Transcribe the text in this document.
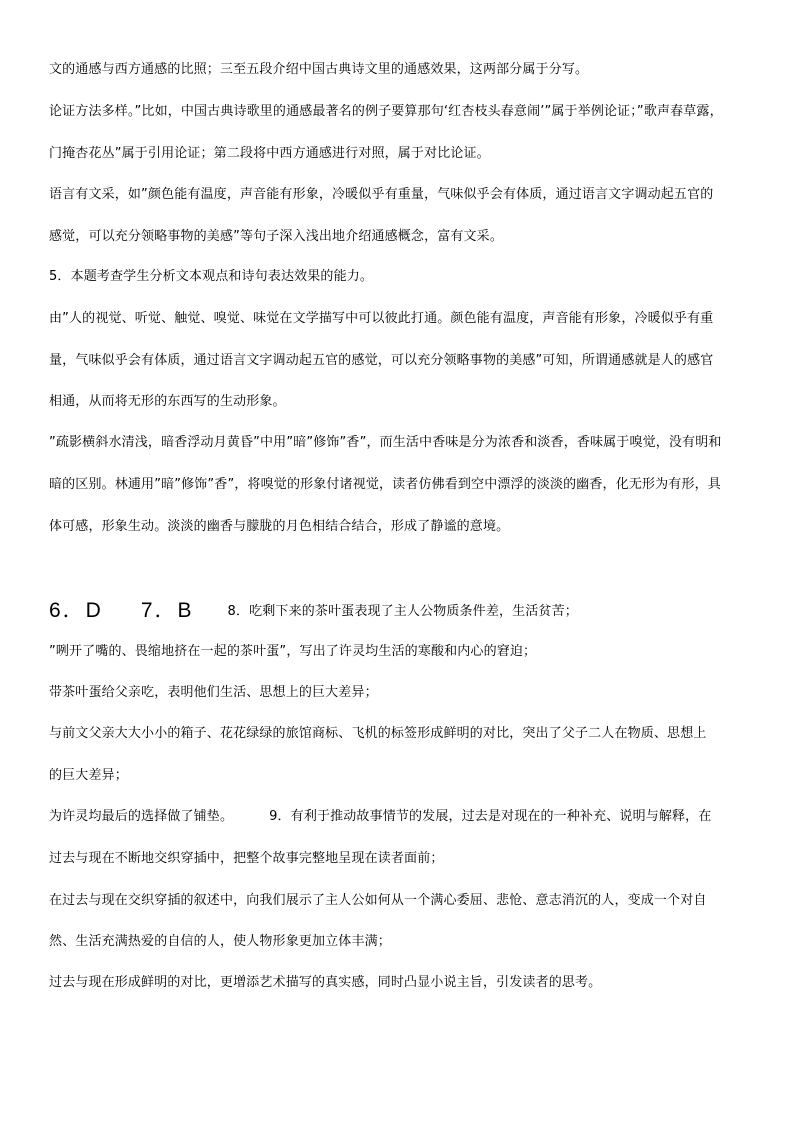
文的通感与西方通感的比照；三至五段介绍中国古典诗文里的通感效果，这两部分属于分写。
论证方法多样。”比如，中国古典诗歌里的通感最著名的例子要算那句‘红杏枝头春意闹’”属于举例论证；”歌声春草露，
门掩杏花丛”属于引用论证；第二段将中西方通感进行对照，属于对比论证。
语言有文采，如”颜色能有温度，声音能有形象，冷暖似乎有重量，气味似乎会有体质，通过语言文字调动起五官的
感觉，可以充分领略事物的美感”等句子深入浅出地介绍通感概念，富有文采。
5．本题考查学生分析文本观点和诗句表达效果的能力。
由”人的视觉、听觉、触觉、嗅觉、味觉在文学描写中可以彼此打通。颜色能有温度，声音能有形象，冷暖似乎有重
量，气味似乎会有体质，通过语言文字调动起五官的感觉，可以充分领略事物的美感”可知，所谓通感就是人的感官
相通，从而将无形的东西写的生动形象。
”疏影横斜水清浅，暗香浮动月黄昏”中用”暗”修饰”香”，而生活中香味是分为浓香和淡香，香味属于嗅觉，没有明和
暗的区别。林逋用”暗”修饰”香”，将嗅觉的形象付诸视觉，读者仿佛看到空中漂浮的淡淡的幽香，化无形为有形，具
体可感，形象生动。淡淡的幽香与朦胧的月色相结合结合，形成了静谧的意境。
6．D 7．B	8．吃剩下来的茶叶蛋表现了主人公物质条件差，生活贫苦；
”咧开了嘴的、畏缩地挤在一起的茶叶蛋”，写出了许灵均生活的寒酸和内心的窘迫；
带茶叶蛋给父亲吃，表明他们生活、思想上的巨大差异；
与前文父亲大大小小的箱子、花花绿绿的旅馆商标、飞机的标签形成鲜明的对比，突出了父子二人在物质、思想上
的巨大差异；
为许灵均最后的选择做了铺垫。	9．有利于推动故事情节的发展，过去是对现在的一种补充、说明与解释，在
过去与现在不断地交织穿插中，把整个故事完整地呈现在读者面前；
在过去与现在交织穿插的叙述中，向我们展示了主人公如何从一个满心委屈、悲怆、意志消沉的人，变成一个对自
然、生活充满热爱的自信的人，使人物形象更加立体丰满；
过去与现在形成鲜明的对比，更增添艺术描写的真实感，同时凸显小说主旨，引发读者的思考。
